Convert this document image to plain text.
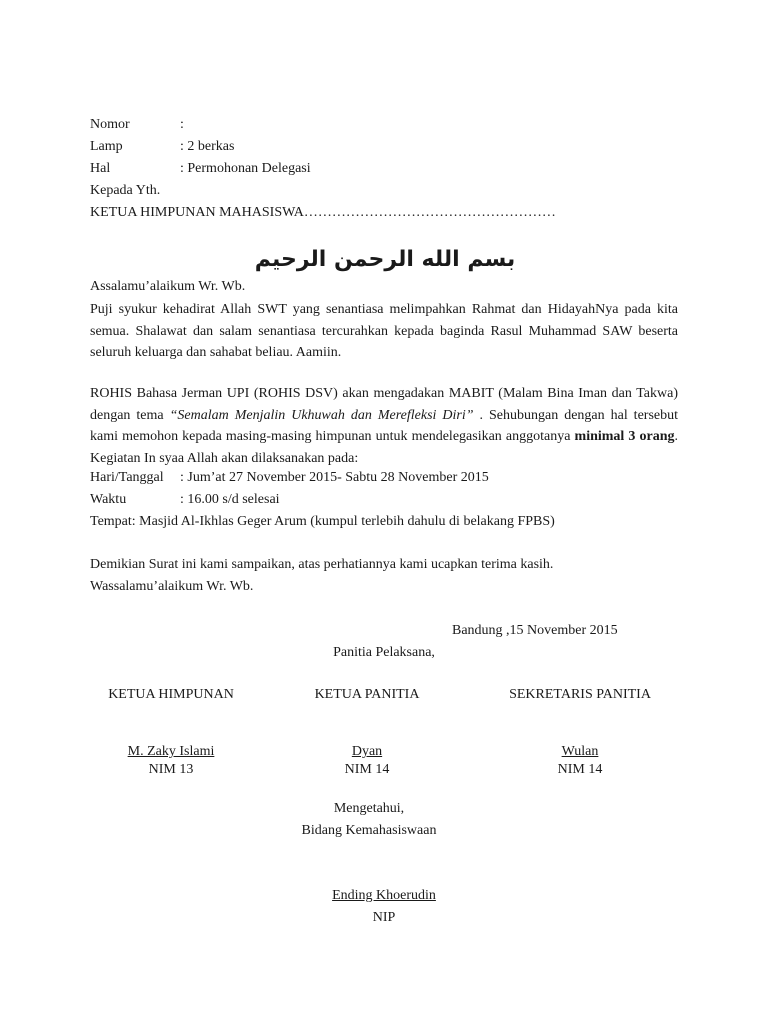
Nomor	:
Lamp	: 2 berkas
Hal	: Permohonan Delegasi
Kepada Yth.
KETUA HIMPUNAN MAHASISWA………………………………………………
بسم الله الرحمن الرحيم
Assalamu’alaikum Wr. Wb.

Puji syukur kehadirat Allah SWT yang senantiasa melimpahkan Rahmat dan HidayahNya pada kita semua. Shalawat dan salam senantiasa tercurahkan kepada baginda Rasul Muhammad SAW beserta seluruh keluarga dan sahabat beliau. Aamiin.

ROHIS Bahasa Jerman UPI (ROHIS DSV) akan mengadakan MABIT (Malam Bina Iman dan Takwa) dengan tema “Semalam Menjalin Ukhuwah dan Merefleksi Diri” . Sehubungan dengan hal tersebut kami memohon kepada masing-masing himpunan untuk mendelegasikan anggotanya minimal 3 orang. Kegiatan In syaa Allah akan dilaksanakan pada:

Hari/Tanggal : Jum’at 27 November 2015- Sabtu 28 November 2015
Waktu	: 16.00 s/d selesai
Tempat: Masjid Al-Ikhlas Geger Arum (kumpul terlebih dahulu di belakang FPBS)
Demikian Surat ini kami sampaikan, atas perhatiannya kami ucapkan terima kasih.
Wassalamu’alaikum Wr. Wb.
Bandung ,15 November 2015
Panitia Pelaksana,
KETUA HIMPUNAN	KETUA PANITIA	SEKRETARIS PANITIA
M. Zaky Islami	Dyan	Wulan
NIM 13	NIM 14	NIM 14
Mengetahui,
Bidang Kemahasiswaan
Ending Khoerudin
NIP
